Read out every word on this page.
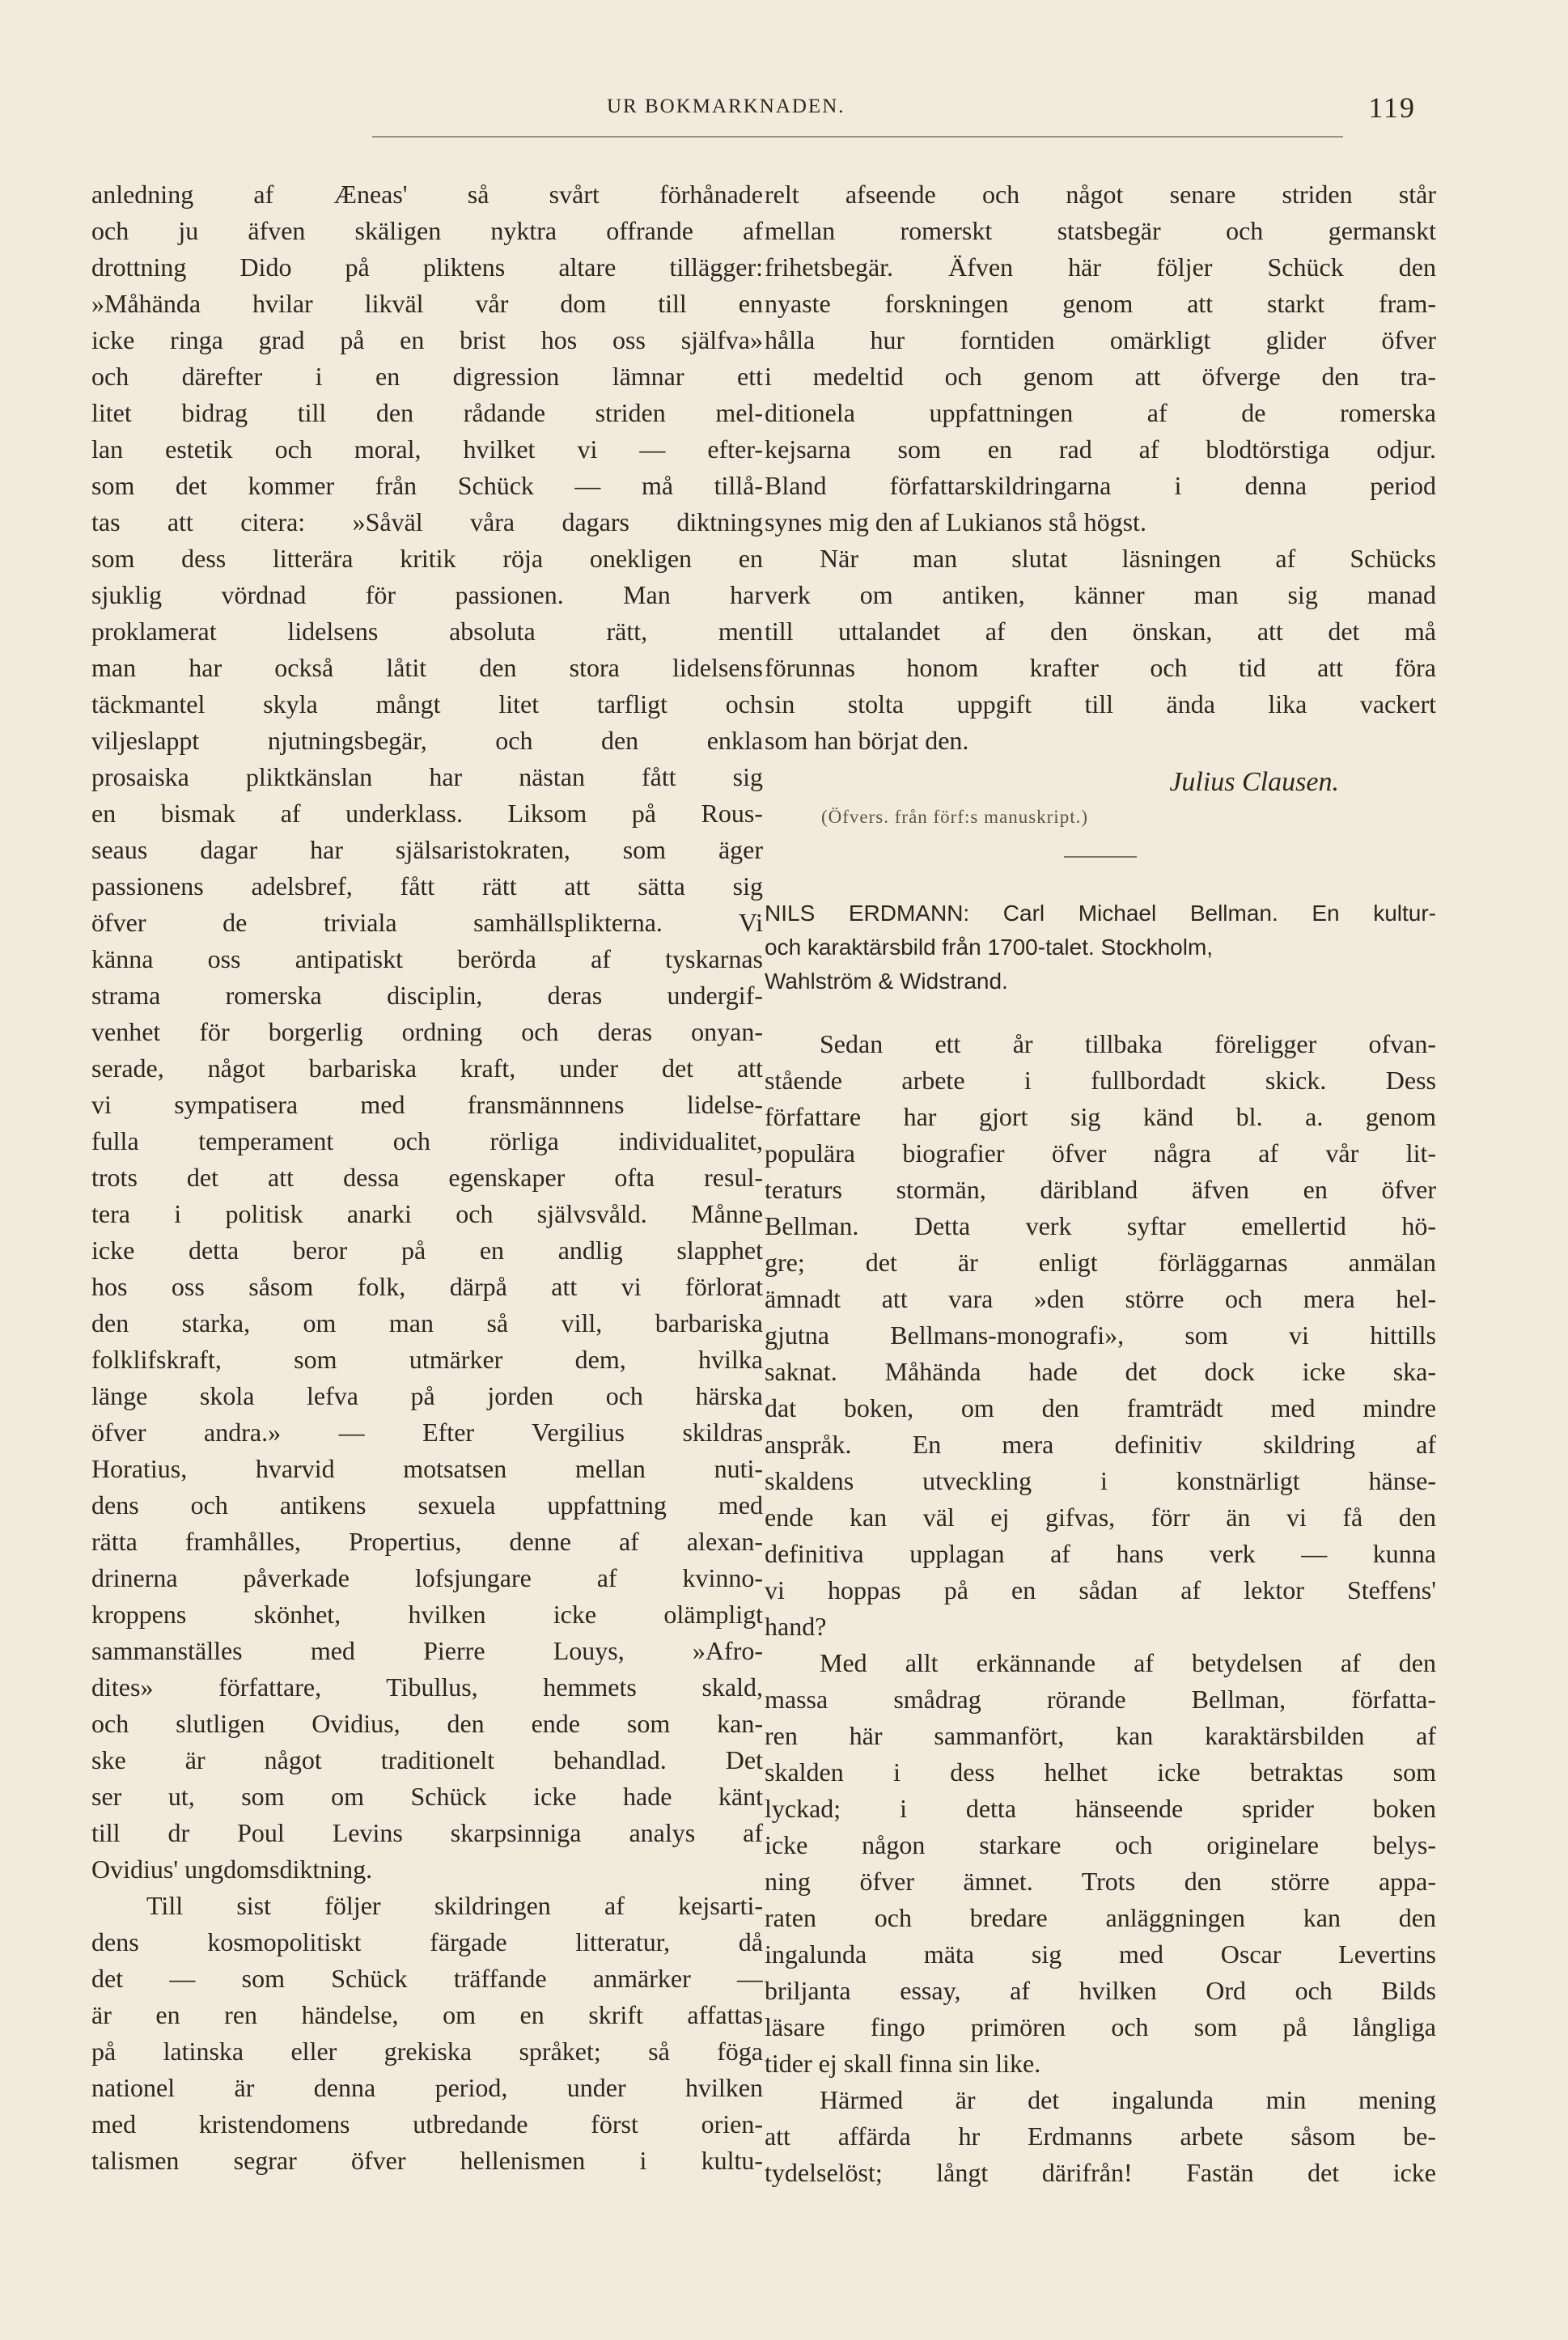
UR BOKMARKNADEN.	119
anledning af Æneas' så svårt förhånade
och ju äfven skäligen nyktra offrande af
drottning Dido på pliktens altare tillägger:
»Måhända hvilar likväl vår dom till en
icke ringa grad på en brist hos oss själfva»
och därefter i en digression lämnar ett
litet bidrag till den rådande striden mel-
lan estetik och moral, hvilket vi — efter-
som det kommer från Schück — må tillå-
tas att citera: »Såväl våra dagars diktning
som dess litterära kritik röja onekligen en
sjuklig vördnad för passionen. Man har
proklamerat lidelsens absoluta rätt, men
man har också låtit den stora lidelsens
täckmantel skyla mångt litet tarfligt och
viljeslappt njutningsbegär, och den enkla
prosaiska pliktkänslan har nästan fått sig
en bismak af underklass. Liksom på Rous-
seaus dagar har själsaristokraten, som äger
passionens adelsbref, fått rätt att sätta sig
öfver de triviala samhällsplikterna. Vi
känna oss antipatiskt berörda af tyskarnas
strama romerska disciplin, deras undergif-
venhet för borgerlig ordning och deras onyan-
serade, något barbariska kraft, under det att
vi sympatisera med fransmännnens lidelse-
fulla temperament och rörliga individualitet,
trots det att dessa egenskaper ofta resul-
tera i politisk anarki och självsvåld. Månne
icke detta beror på en andlig slapphet
hos oss såsom folk, därpå att vi förlorat
den starka, om man så vill, barbariska
folklifskraft, som utmärker dem, hvilka
länge skola lefva på jorden och härska
öfver andra.» — Efter Vergilius skildras
Horatius, hvarvid motsatsen mellan nuti-
dens och antikens sexuela uppfattning med
rätta framhålles, Propertius, denne af alexan-
drinerna påverkade lofsjungare af kvinno-
kroppens skönhet, hvilken icke olämpligt
sammanställes med Pierre Louys, »Afro-
dites» författare, Tibullus, hemmets skald,
och slutligen Ovidius, den ende som kan-
ske är något traditionelt behandlad. Det
ser ut, som om Schück icke hade känt
till dr Poul Levins skarpsinniga analys af
Ovidius' ungdomsdiktning.
Till sist följer skildringen af kejsarti-
dens kosmopolitiskt färgade litteratur, då
det — som Schück träffande anmärker —
är en ren händelse, om en skrift affattas
på latinska eller grekiska språket; så föga
nationel är denna period, under hvilken
med kristendomens utbredande först orien-
talismen segrar öfver hellenismen i kultu-
relt afseende och något senare striden står
mellan romerskt statsbegär och germanskt
frihetsbegär. Äfven här följer Schück den
nyaste forskningen genom att starkt fram-
hålla hur forntiden omärkligt glider öfver
i medeltid och genom att öfverge den tra-
ditionela uppfattningen af de romerska
kejsarna som en rad af blodtörstiga odjur.
Bland författarskildringarna i denna period
synes mig den af Lukianos stå högst.
När man slutat läsningen af Schücks
verk om antiken, känner man sig manad
till uttalandet af den önskan, att det må
förunnas honom krafter och tid att föra
sin stolta uppgift till ända lika vackert
som han börjat den.
Julius Clausen.
(Öfvers. från förf:s manuskript.)
NILS ERDMANN: Carl Michael Bellman. En kultur-
och karaktärsbild från 1700-talet. Stockholm,
Wahlström & Widstrand.
Sedan ett år tillbaka föreligger ofvan-
stående arbete i fullbordadt skick. Dess
författare har gjort sig känd bl. a. genom
populära biografier öfver några af vår lit-
teraturs stormän, däribland äfven en öfver
Bellman. Detta verk syftar emellertid hö-
gre; det är enligt förläggarnas anmälan
ämnadt att vara »den större och mera hel-
gjutna Bellmans-monografi», som vi hittills
saknat. Måhända hade det dock icke ska-
dat boken, om den framträdt med mindre
anspråk. En mera definitiv skildring af
skaldens utveckling i konstnärligt hänse-
ende kan väl ej gifvas, förr än vi få den
definitiva upplagan af hans verk — kunna
vi hoppas på en sådan af lektor Steffens'
hand?
Med allt erkännande af betydelsen af den
massa smådrag rörande Bellman, författa-
ren här sammanfört, kan karaktärsbilden af
skalden i dess helhet icke betraktas som
lyckad; i detta hänseende sprider boken
icke någon starkare och originelare belys-
ning öfver ämnet. Trots den större appa-
raten och bredare anläggningen kan den
ingalunda mäta sig med Oscar Levertins
briljanta essay, af hvilken Ord och Bilds
läsare fingo primören och som på långliga
tider ej skall finna sin like.
Härmed är det ingalunda min mening
att affärda hr Erdmanns arbete såsom be-
tydelselöst; långt därifrån! Fastän det icke
